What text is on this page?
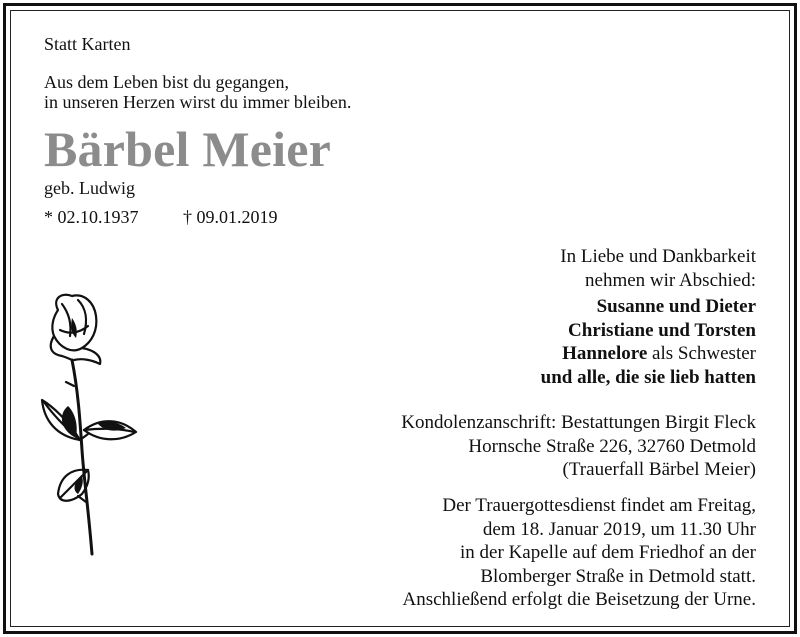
Statt Karten
Aus dem Leben bist du gegangen,
in unseren Herzen wirst du immer bleiben.
Bärbel Meier
geb. Ludwig
* 02.10.1937 † 09.01.2019
In Liebe und Dankbarkeit
nehmen wir Abschied:
Susanne und Dieter
Christiane und Torsten
Hannelore als Schwester
und alle, die sie lieb hatten
Kondolenzanschrift: Bestattungen Birgit Fleck
Hornsche Straße 226, 32760 Detmold
(Trauerfall Bärbel Meier)
Der Trauergottesdienst findet am Freitag,
dem 18. Januar 2019, um 11.30 Uhr
in der Kapelle auf dem Friedhof an der
Blomberger Straße in Detmold statt.
Anschließend erfolgt die Beisetzung der Urne.
